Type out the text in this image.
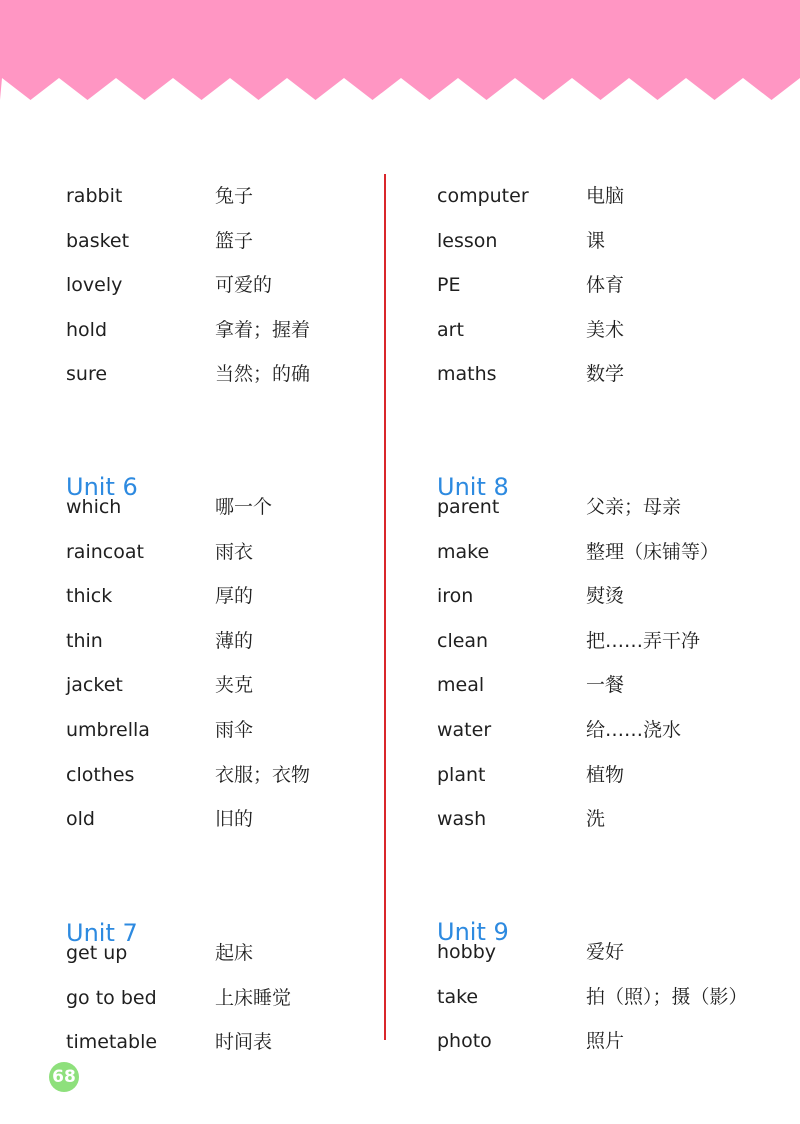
rabbit	兔子
basket	篮子
lovely	可爱的
hold	拿着；握着
sure	当然；的确
Unit 6
which	哪一个
raincoat	雨衣
thick	厚的
thin	薄的
jacket	夹克
umbrella	雨伞
clothes	衣服；衣物
old	旧的
Unit 7
get up	起床
go to bed	上床睡觉
timetable	时间表
computer	电脑
lesson	课
PE	体育
art	美术
maths	数学
Unit 8
parent	父亲；母亲
make	整理（床铺等）
iron	熨烫
clean	把……弄干净
meal	一餐
water	给……浇水
plant	植物
wash	洗
Unit 9
hobby	爱好
take	拍（照）；摄（影）
photo	照片
68
